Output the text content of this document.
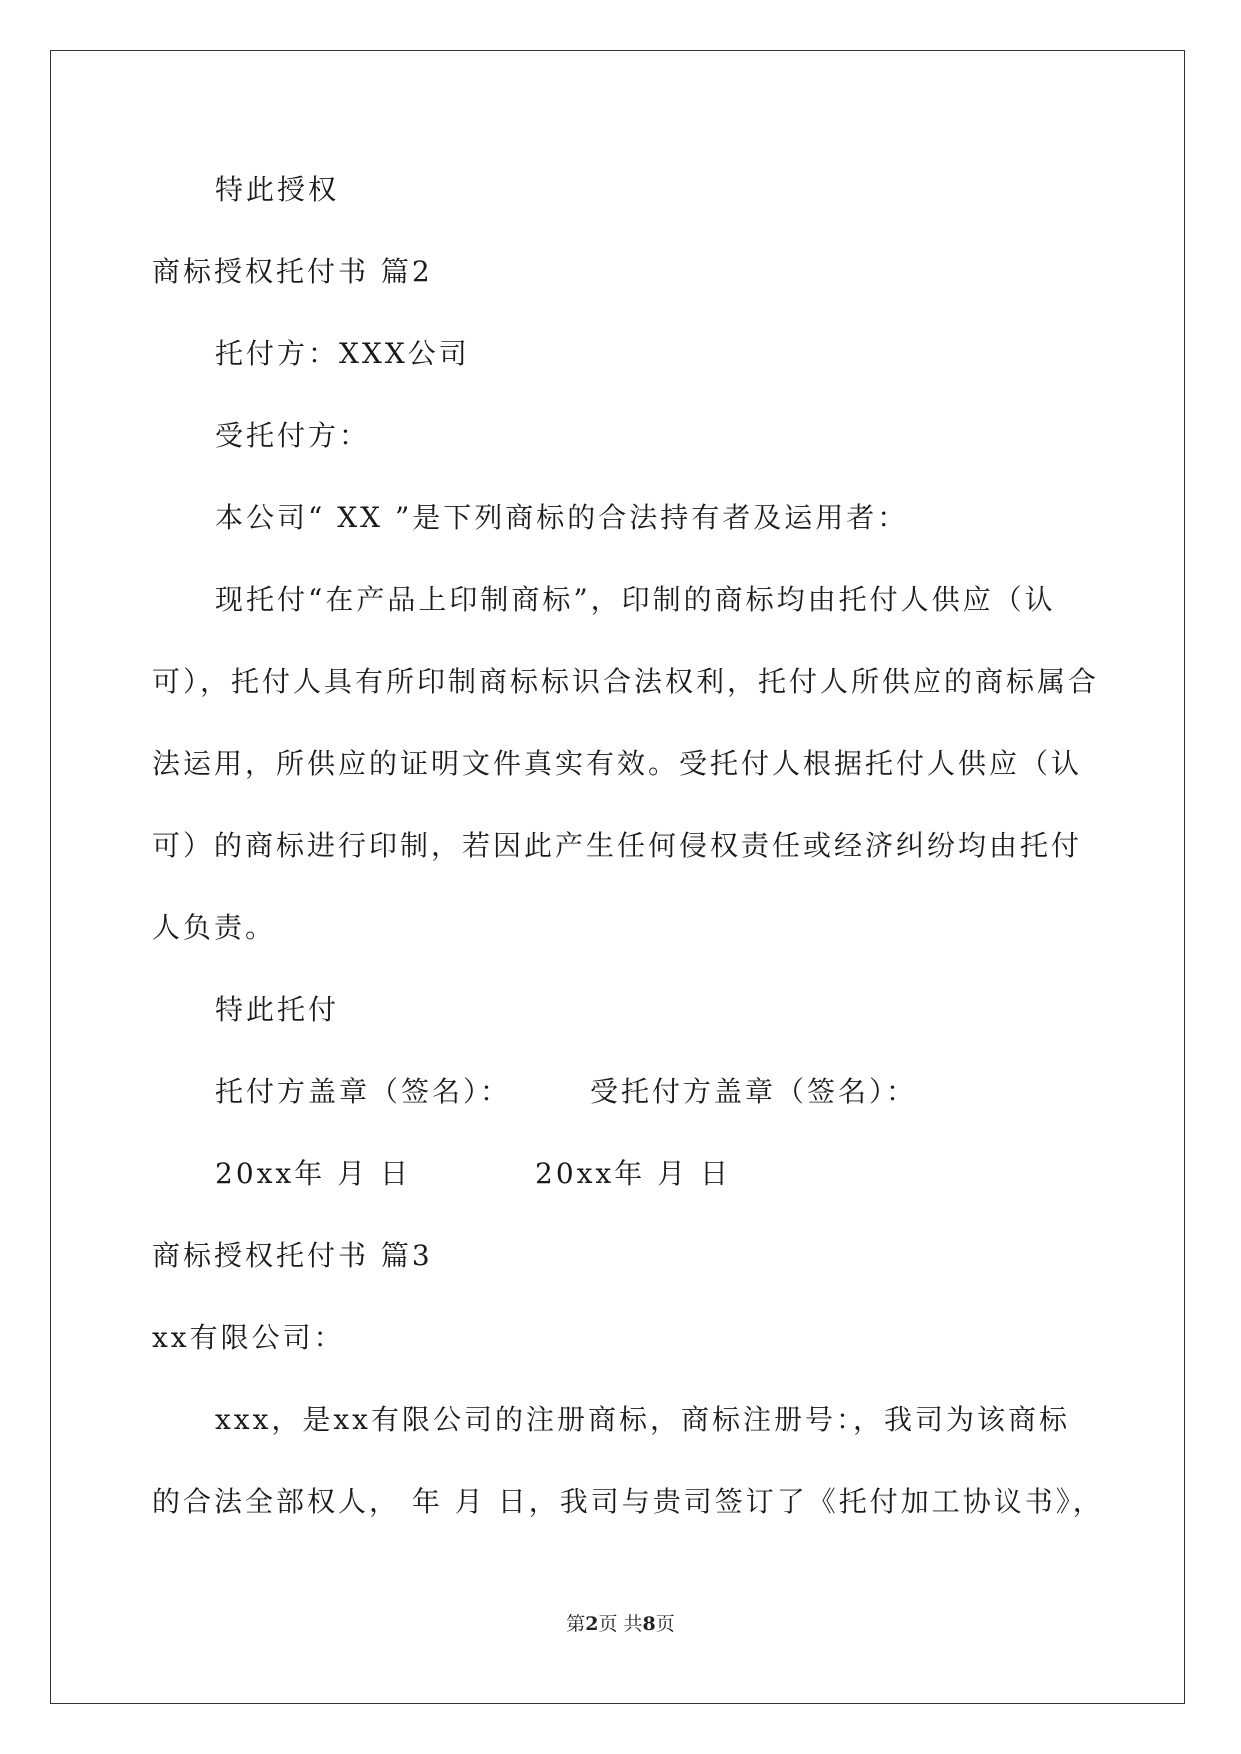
特此授权
商标授权托付书 篇2
托付方：XXX公司
受托付方：
本公司“ XX ”是下列商标的合法持有者及运用者：
现托付“在产品上印制商标”，印制的商标均由托付人供应（认
可），托付人具有所印制商标标识合法权利，托付人所供应的商标属合
法运用，所供应的证明文件真实有效。受托付人根据托付人供应（认
可）的商标进行印制，若因此产生任何侵权责任或经济纠纷均由托付
人负责。
特此托付
托付方盖章（签名）：	受托付方盖章（签名）：
20xx年 月 日	20xx年 月 日
商标授权托付书 篇3
xx有限公司：
xxx，是xx有限公司的注册商标，商标注册号：，我司为该商标
的合法全部权人， 年 月 日，我司与贵司签订了《托付加工协议书》，
第2页 共8页
